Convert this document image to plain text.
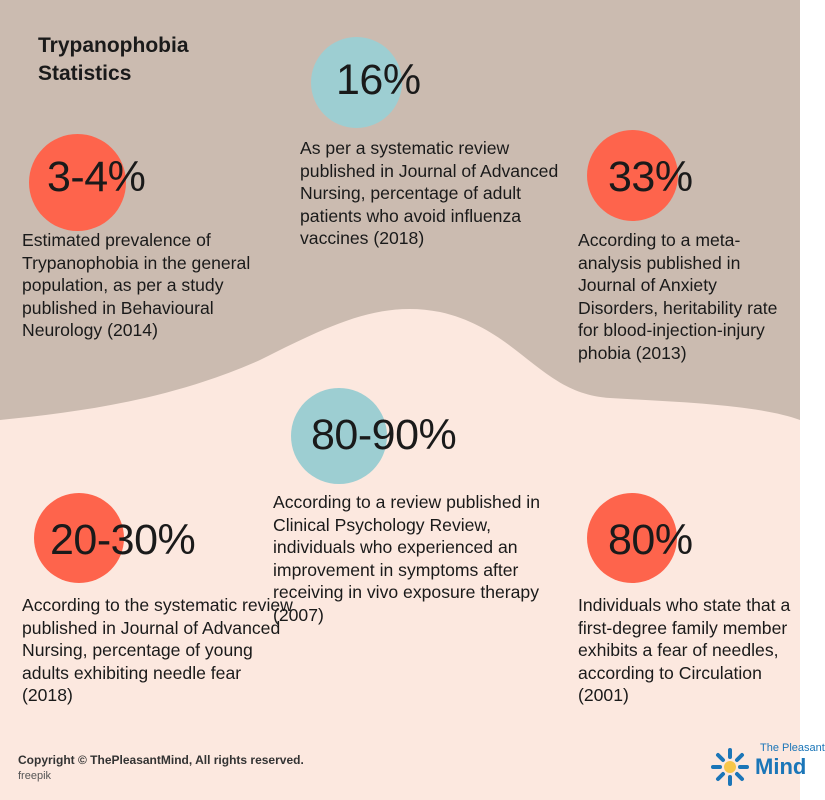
Trypanophobia
Statistics
3-4%

Estimated prevalence of Trypanophobia in the general population, as per a study published in Behavioural Neurology (2014)

16%

As per a systematic review published in Journal of Advanced Nursing, percentage of adult patients who avoid influenza vaccines (2018)

33%

According to a meta-analysis published in Journal of Anxiety Disorders, heritability rate for blood-injection-injury phobia (2013)

80-90%

According to a review published in Clinical Psychology Review, individuals who experienced an improvement in symptoms after receiving in vivo exposure therapy (2007)

20-30%

According to the systematic review published in Journal of Advanced Nursing, percentage of young adults exhibiting needle fear (2018)

80%

Individuals who state that a first-degree family member exhibits a fear of needles, according to Circulation (2001)

Copyright © ThePleasantMind, All rights reserved.
freepik
The Pleasant
Mind
